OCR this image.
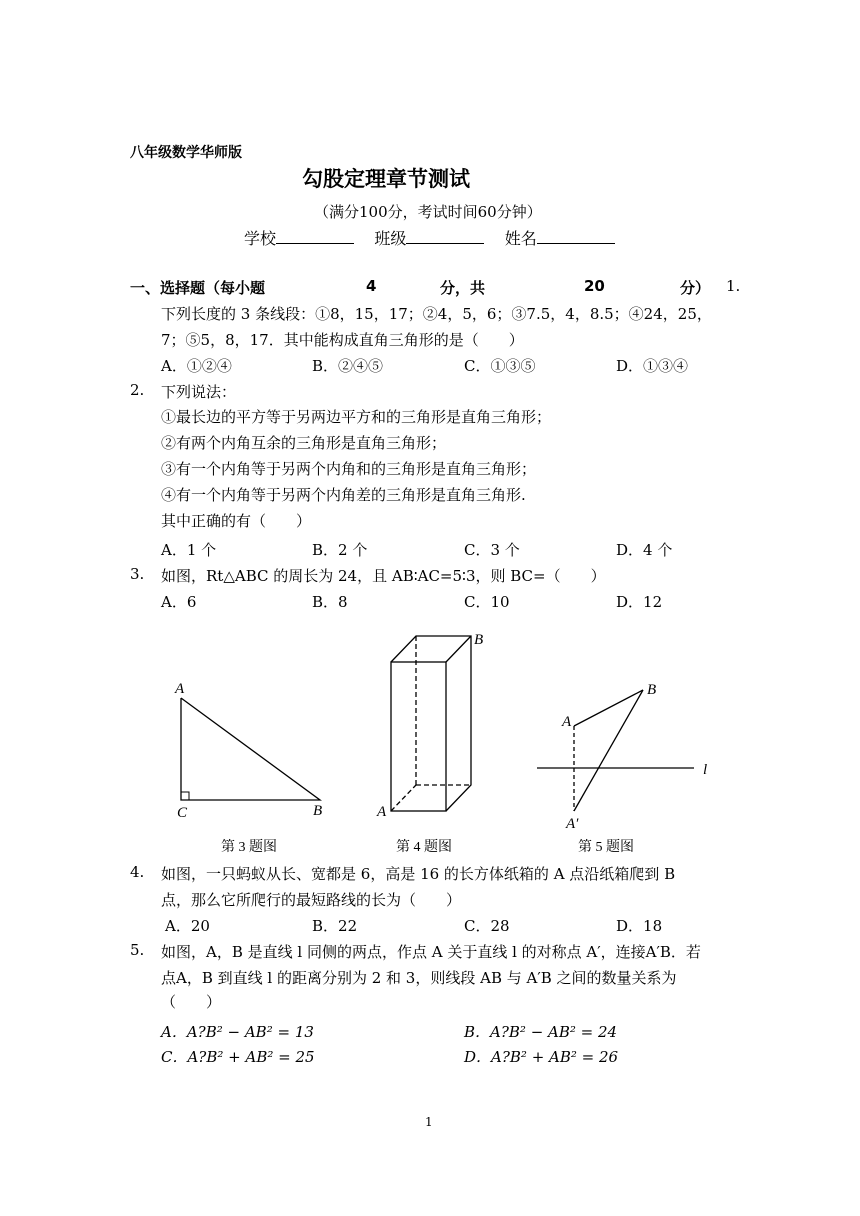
八年级数学华师版
勾股定理章节测试
（满分100分，考试时间60分钟）
学校	班级	姓名
一、选择题（每小题	4	分，共	20	分） 1.
下列长度的 3 条线段：①8，15，17；②4，5，6；③7.5，4，8.5；④24，25，
7；⑤5，8，17．其中能构成直角三角形的是（　　）
A．①②④	B．②④⑤	C．①③⑤	D．①③④
2. 下列说法：
①最长边的平方等于另两边平方和的三角形是直角三角形；
②有两个内角互余的三角形是直角三角形；
③有一个内角等于另两个内角和的三角形是直角三角形；
④有一个内角等于另两个内角差的三角形是直角三角形.
其中正确的有（　　）
A．1 个	B．2 个	C．3 个	D．4 个
3. 如图，Rt△ABC 的周长为 24，且 AB∶AC=5∶3，则 BC=（　　）
A．6	B．8	C．10	D．12
A
C	B
B
A
A
B
l
A′
第 3 题图	第 4 题图	第 5 题图
4. 如图，一只蚂蚁从长、宽都是 6，高是 16 的长方体纸箱的 A 点沿纸箱爬到 B
点，那么它所爬行的最短路线的长为（　　）
A．20	B．22	C．28	D．18
5. 如图，A，B 是直线 l 同侧的两点，作点 A 关于直线 l 的对称点 A′，连接A′B．若
点A，B 到直线 l 的距离分别为 2 和 3，则线段 AB 与 A′B 之间的数量关系为
（　　）
A．A?B² − AB² = 13	B．A?B² − AB² = 24
C．A?B² + AB² = 25	D．A?B² + AB² = 26
1
